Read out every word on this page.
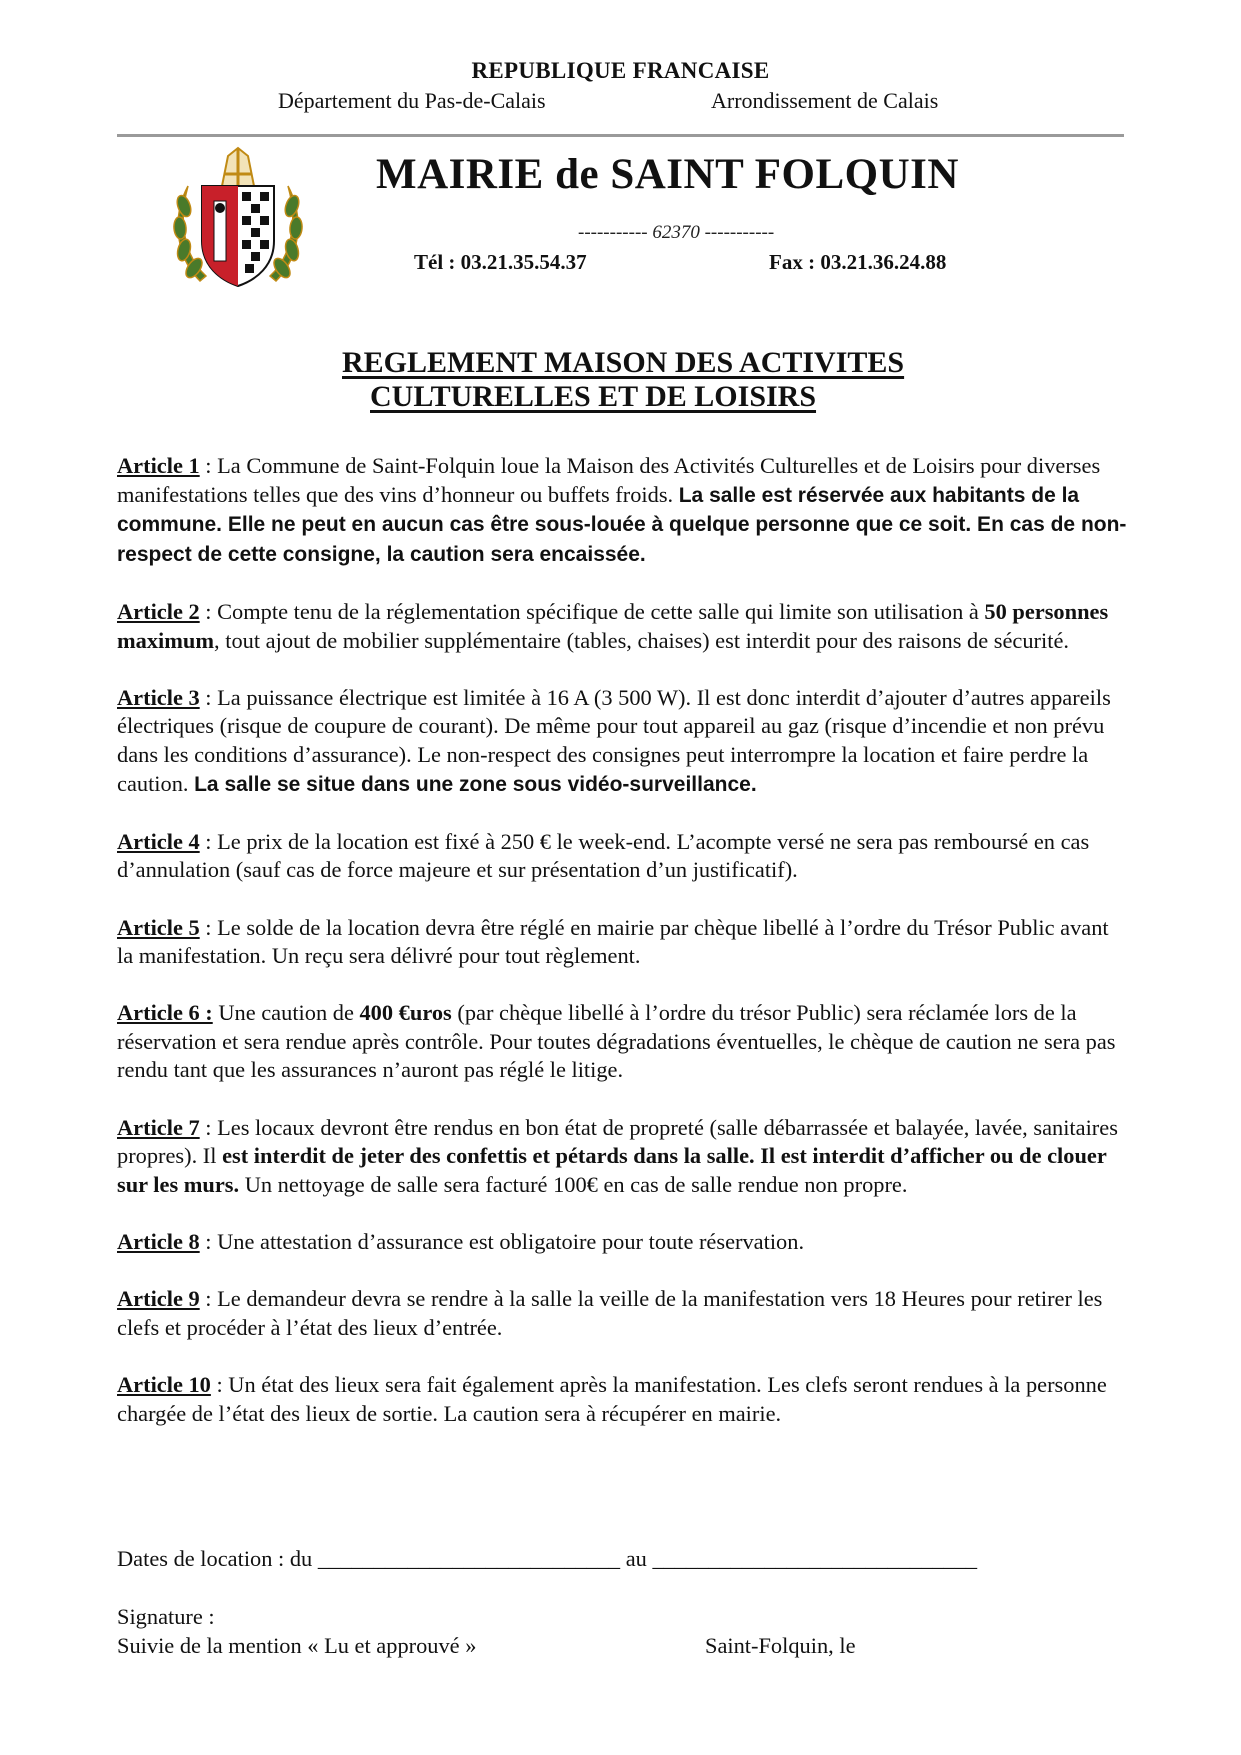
REPUBLIQUE FRANCAISE
Département du Pas-de-Calais	Arrondissement de Calais
MAIRIE de SAINT FOLQUIN
----------- 62370 -----------
Tél : 03.21.35.54.37	Fax : 03.21.36.24.88
REGLEMENT MAISON DES ACTIVITES
CULTURELLES ET DE LOISIRS

Article 1 : La Commune de Saint-Folquin loue la Maison des Activités Culturelles et de Loisirs pour diverses manifestations telles que des vins d’honneur ou buffets froids. La salle est réservée aux habitants de la commune. Elle ne peut en aucun cas être sous-louée à quelque personne que ce soit. En cas de non-respect de cette consigne, la caution sera encaissée.

Article 2 : Compte tenu de la réglementation spécifique de cette salle qui limite son utilisation à 50 personnes maximum, tout ajout de mobilier supplémentaire (tables, chaises) est interdit pour des raisons de sécurité.

Article 3 : La puissance électrique est limitée à 16 A (3 500 W). Il est donc interdit d’ajouter d’autres appareils électriques (risque de coupure de courant). De même pour tout appareil au gaz (risque d’incendie et non prévu dans les conditions d’assurance). Le non-respect des consignes peut interrompre la location et faire perdre la caution. La salle se situe dans une zone sous vidéo-surveillance.

Article 4 : Le prix de la location est fixé à 250 € le week-end. L’acompte versé ne sera pas remboursé en cas d’annulation (sauf cas de force majeure et sur présentation d’un justificatif).

Article 5 : Le solde de la location devra être réglé en mairie par chèque libellé à l’ordre du Trésor Public avant la manifestation. Un reçu sera délivré pour tout règlement.

Article 6 : Une caution de 400 €uros (par chèque libellé à l’ordre du trésor Public) sera réclamée lors de la réservation et sera rendue après contrôle. Pour toutes dégradations éventuelles, le chèque de caution ne sera pas rendu tant que les assurances n’auront pas réglé le litige.

Article 7 : Les locaux devront être rendus en bon état de propreté (salle débarrassée et balayée, lavée, sanitaires propres). Il est interdit de jeter des confettis et pétards dans la salle. Il est interdit d’afficher ou de clouer sur les murs. Un nettoyage de salle sera facturé 100€ en cas de salle rendue non propre.

Article 8 : Une attestation d’assurance est obligatoire pour toute réservation.

Article 9 : Le demandeur devra se rendre à la salle la veille de la manifestation vers 18 Heures pour retirer les clefs et procéder à l’état des lieux d’entrée.

Article 10 : Un état des lieux sera fait également après la manifestation. Les clefs seront rendues à la personne chargée de l’état des lieux de sortie. La caution sera à récupérer en mairie.

Dates de location : du ___________________________ au _____________________________
Signature :
Suivie de la mention « Lu et approuvé »	Saint-Folquin, le
